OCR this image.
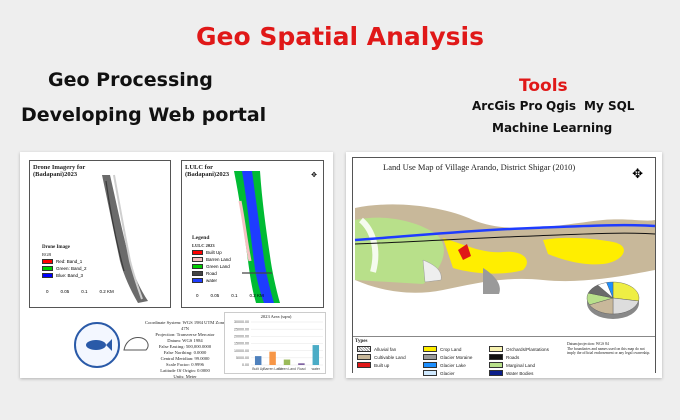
Geo Spatial Analysis
Geo Processing
Developing Web portal
Tools
ArcGis Pro Qgis My SQL
Machine Learning
Drone Imagery for (Badapani)2023
Drone Image
RGB
Red: Band_1
Green: Band_2
Blue: Band_3
0	0.05	0.1	0.2 KM
LULC for (Badapani)2023	✥
Legend
LULC 2023
Built Up
Barren Land
Green Land
Road
water
0	0.05	0.1	0.2 KM
Coordinate System: WGS 1984 UTM Zone 47N
Projection: Transverse Mercator
Datum: WGS 1984
False Easting: 500,000.0000
False Northing: 0.0000
Central Meridian: 99.0000
Scale Factor: 0.9996
Latitude Of Origin: 0.0000
Units: Meter
2023 Area (sqm)
30000.00
25000.00
20000.00
15000.00
10000.00
5000.00
0.00
Built Up Barren Land
Green Land Road water
Land Use Map of Village Arando, District Shigar (2010)	✥
Types
Alluvial fan	Crop Land	Orchards/Plantations
Cultivable Land	Glacier Moraine	Roads
Built up	Glacier Lake	Marginal Land
Glacier	Water Bodies
Datum/projection: WGS 84
The boundaries and names used on this map do not imply the official endorsement or any legal ownership.
